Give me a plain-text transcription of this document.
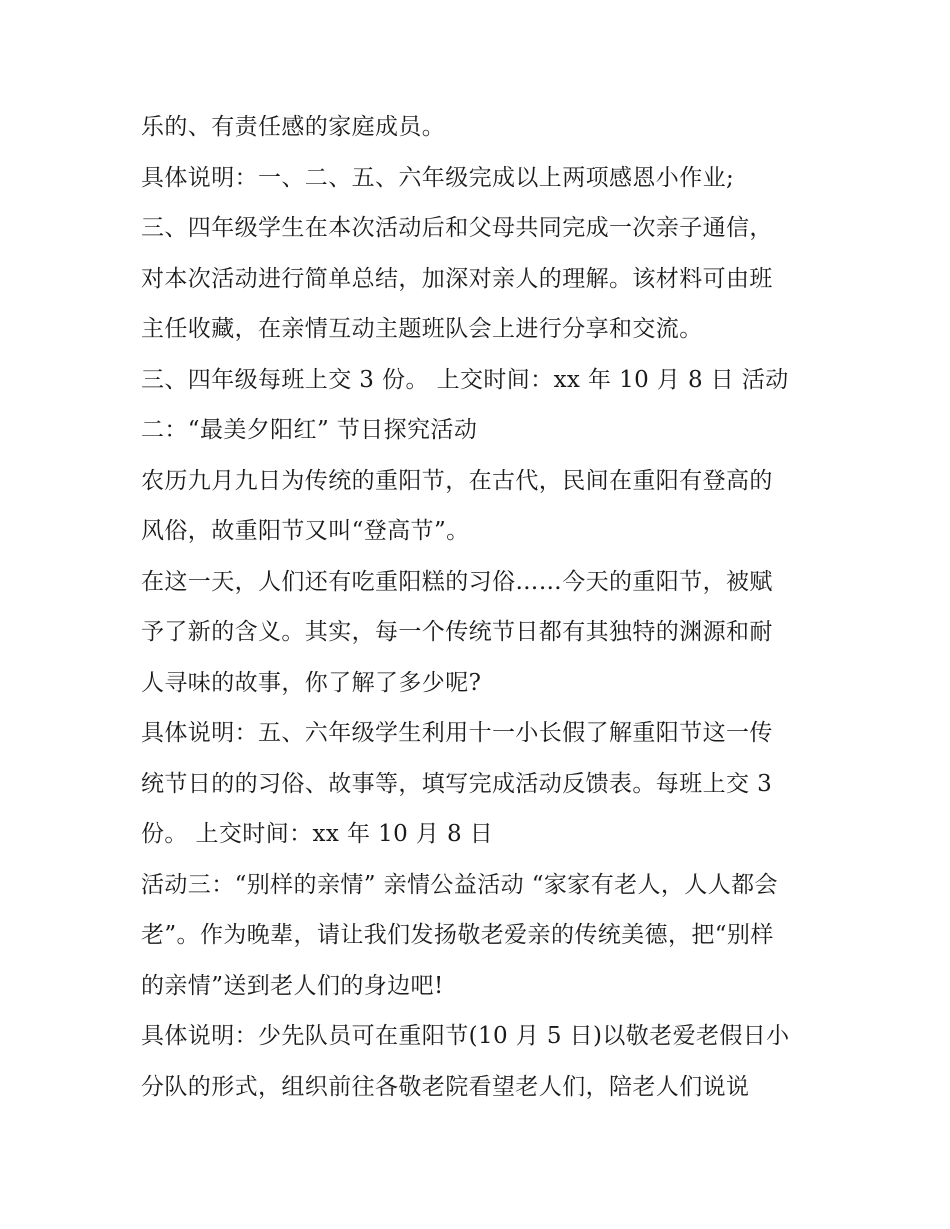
乐的、有责任感的家庭成员。
具体说明：一、二、五、六年级完成以上两项感恩小作业;
三、四年级学生在本次活动后和父母共同完成一次亲子通信，
对本次活动进行简单总结，加深对亲人的理解。该材料可由班
主任收藏，在亲情互动主题班队会上进行分享和交流。
三、四年级每班上交 3 份。 上交时间：xx 年 10 月 8 日 活动
二：“最美夕阳红” 节日探究活动
农历九月九日为传统的重阳节，在古代，民间在重阳有登高的
风俗，故重阳节又叫“登高节”。
在这一天，人们还有吃重阳糕的习俗……今天的重阳节，被赋
予了新的含义。其实，每一个传统节日都有其独特的渊源和耐
人寻味的故事，你了解了多少呢?
具体说明：五、六年级学生利用十一小长假了解重阳节这一传
统节日的的习俗、故事等，填写完成活动反馈表。每班上交 3
份。 上交时间：xx 年 10 月 8 日
活动三：“别样的亲情” 亲情公益活动 “家家有老人，人人都会
老”。作为晚辈，请让我们发扬敬老爱亲的传统美德，把“别样
的亲情”送到老人们的身边吧!
具体说明：少先队员可在重阳节(10 月 5 日)以敬老爱老假日小
分队的形式，组织前往各敬老院看望老人们，陪老人们说说
